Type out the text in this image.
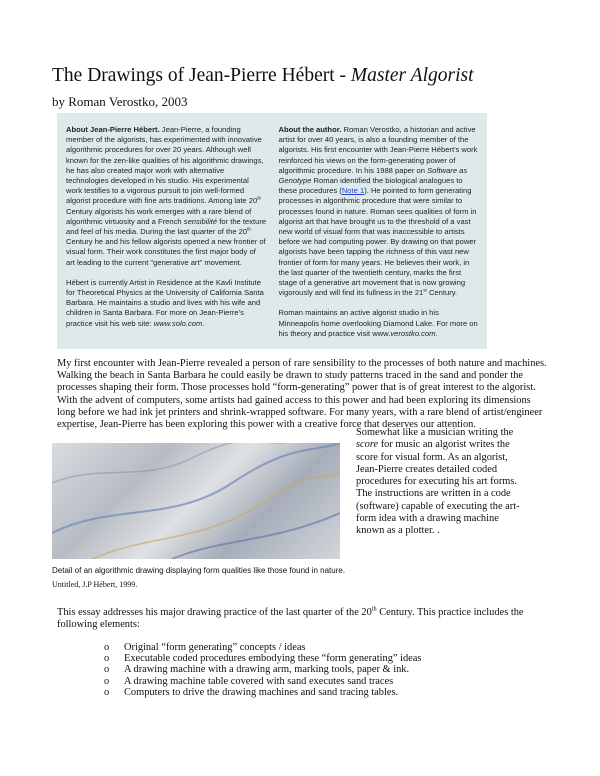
The Drawings of Jean-Pierre Hébert - Master Algorist
by Roman Verostko, 2003

About Jean-Pierre Hébert. Jean-Pierre, a founding member of the algorists, has experimented with innovative algorithmic procedures for over 20 years. Although well known for the zen-like qualities of his algorithmic drawings, he has also created major work with alternative technologies developed in his studio. His experimental work testifies to a vigorous pursuit to join well-formed algorist procedure with fine arts traditions. Among late 20th Century algorists his work emerges with a rare blend of algorithmic virtuosity and a French sensibilité for the texture and feel of his media. During the last quarter of the 20th Century he and his fellow algorists opened a new frontier of visual form. Their work constitutes the first major body of art leading to the current "generative art" movement.

Hébert is currently Artist in Residence at the Kavli Institute for Theoretical Physics at the University of California Santa Barbara. He maintains a studio and lives with his wife and children in Santa Barbara. For more on Jean-Pierre's practice visit his web site: www.solo.com.

About the author. Roman Verostko, a historian and active artist for over 40 years, is also a founding member of the algorists. His first encounter with Jean-Pierre Hébert's work reinforced his views on the form-generating power of algorithmic procedure. In his 1988 paper on Software as Genotype Roman identified the biological analogues to these procedures (Note 1). He pointed to form generating processes in algorithmic procedure that were similar to processes found in nature. Roman sees qualities of form in algorist art that have brought us to the threshold of a vast new world of visual form that was inaccessible to artists before we had computing power. By drawing on that power algorists have been tapping the richness of this vast new frontier of form for many years. He believes their work, in the last quarter of the twentieth century, marks the first stage of a generative art movement that is now growing vigorously and will find its fullness in the 21st Century.

Roman maintains an active algorist studio in his Minneapolis home overlooking Diamond Lake. For more on his theory and practice visit www.verostko.com.

My first encounter with Jean-Pierre revealed a person of rare sensibility to the processes of both nature and machines. Walking the beach in Santa Barbara he could easily be drawn to study patterns traced in the sand and ponder the processes shaping their form. Those processes hold “form-generating” power that is of great interest to the algorist. With the advent of computers, some artists had gained access to this power and had been exploring its dimensions long before we had ink jet printers and shrink-wrapped software. For many years, with a rare blend of artist/engineer expertise, Jean-Pierre has been exploring this power with a creative force that deserves our attention.
Somewhat like a musician writing the score for music an algorist writes the score for visual form. As an algorist, Jean-Pierre creates detailed coded procedures for executing his art forms. The instructions are written in a code (software) capable of executing the art-form idea with a drawing machine known as a plotter. .
Detail of an algorithmic drawing displaying form qualities like those found in nature.
Untitled, J.P Hébert, 1999.
This essay addresses his major drawing practice of the last quarter of the 20th Century. This practice includes the following elements:
o Original “form generating” concepts / ideas
o Executable coded procedures embodying these “form generating” ideas
o A drawing machine with a drawing arm, marking tools, paper & ink.
o A drawing machine table covered with sand executes sand traces
o Computers to drive the drawing machines and sand tracing tables.
